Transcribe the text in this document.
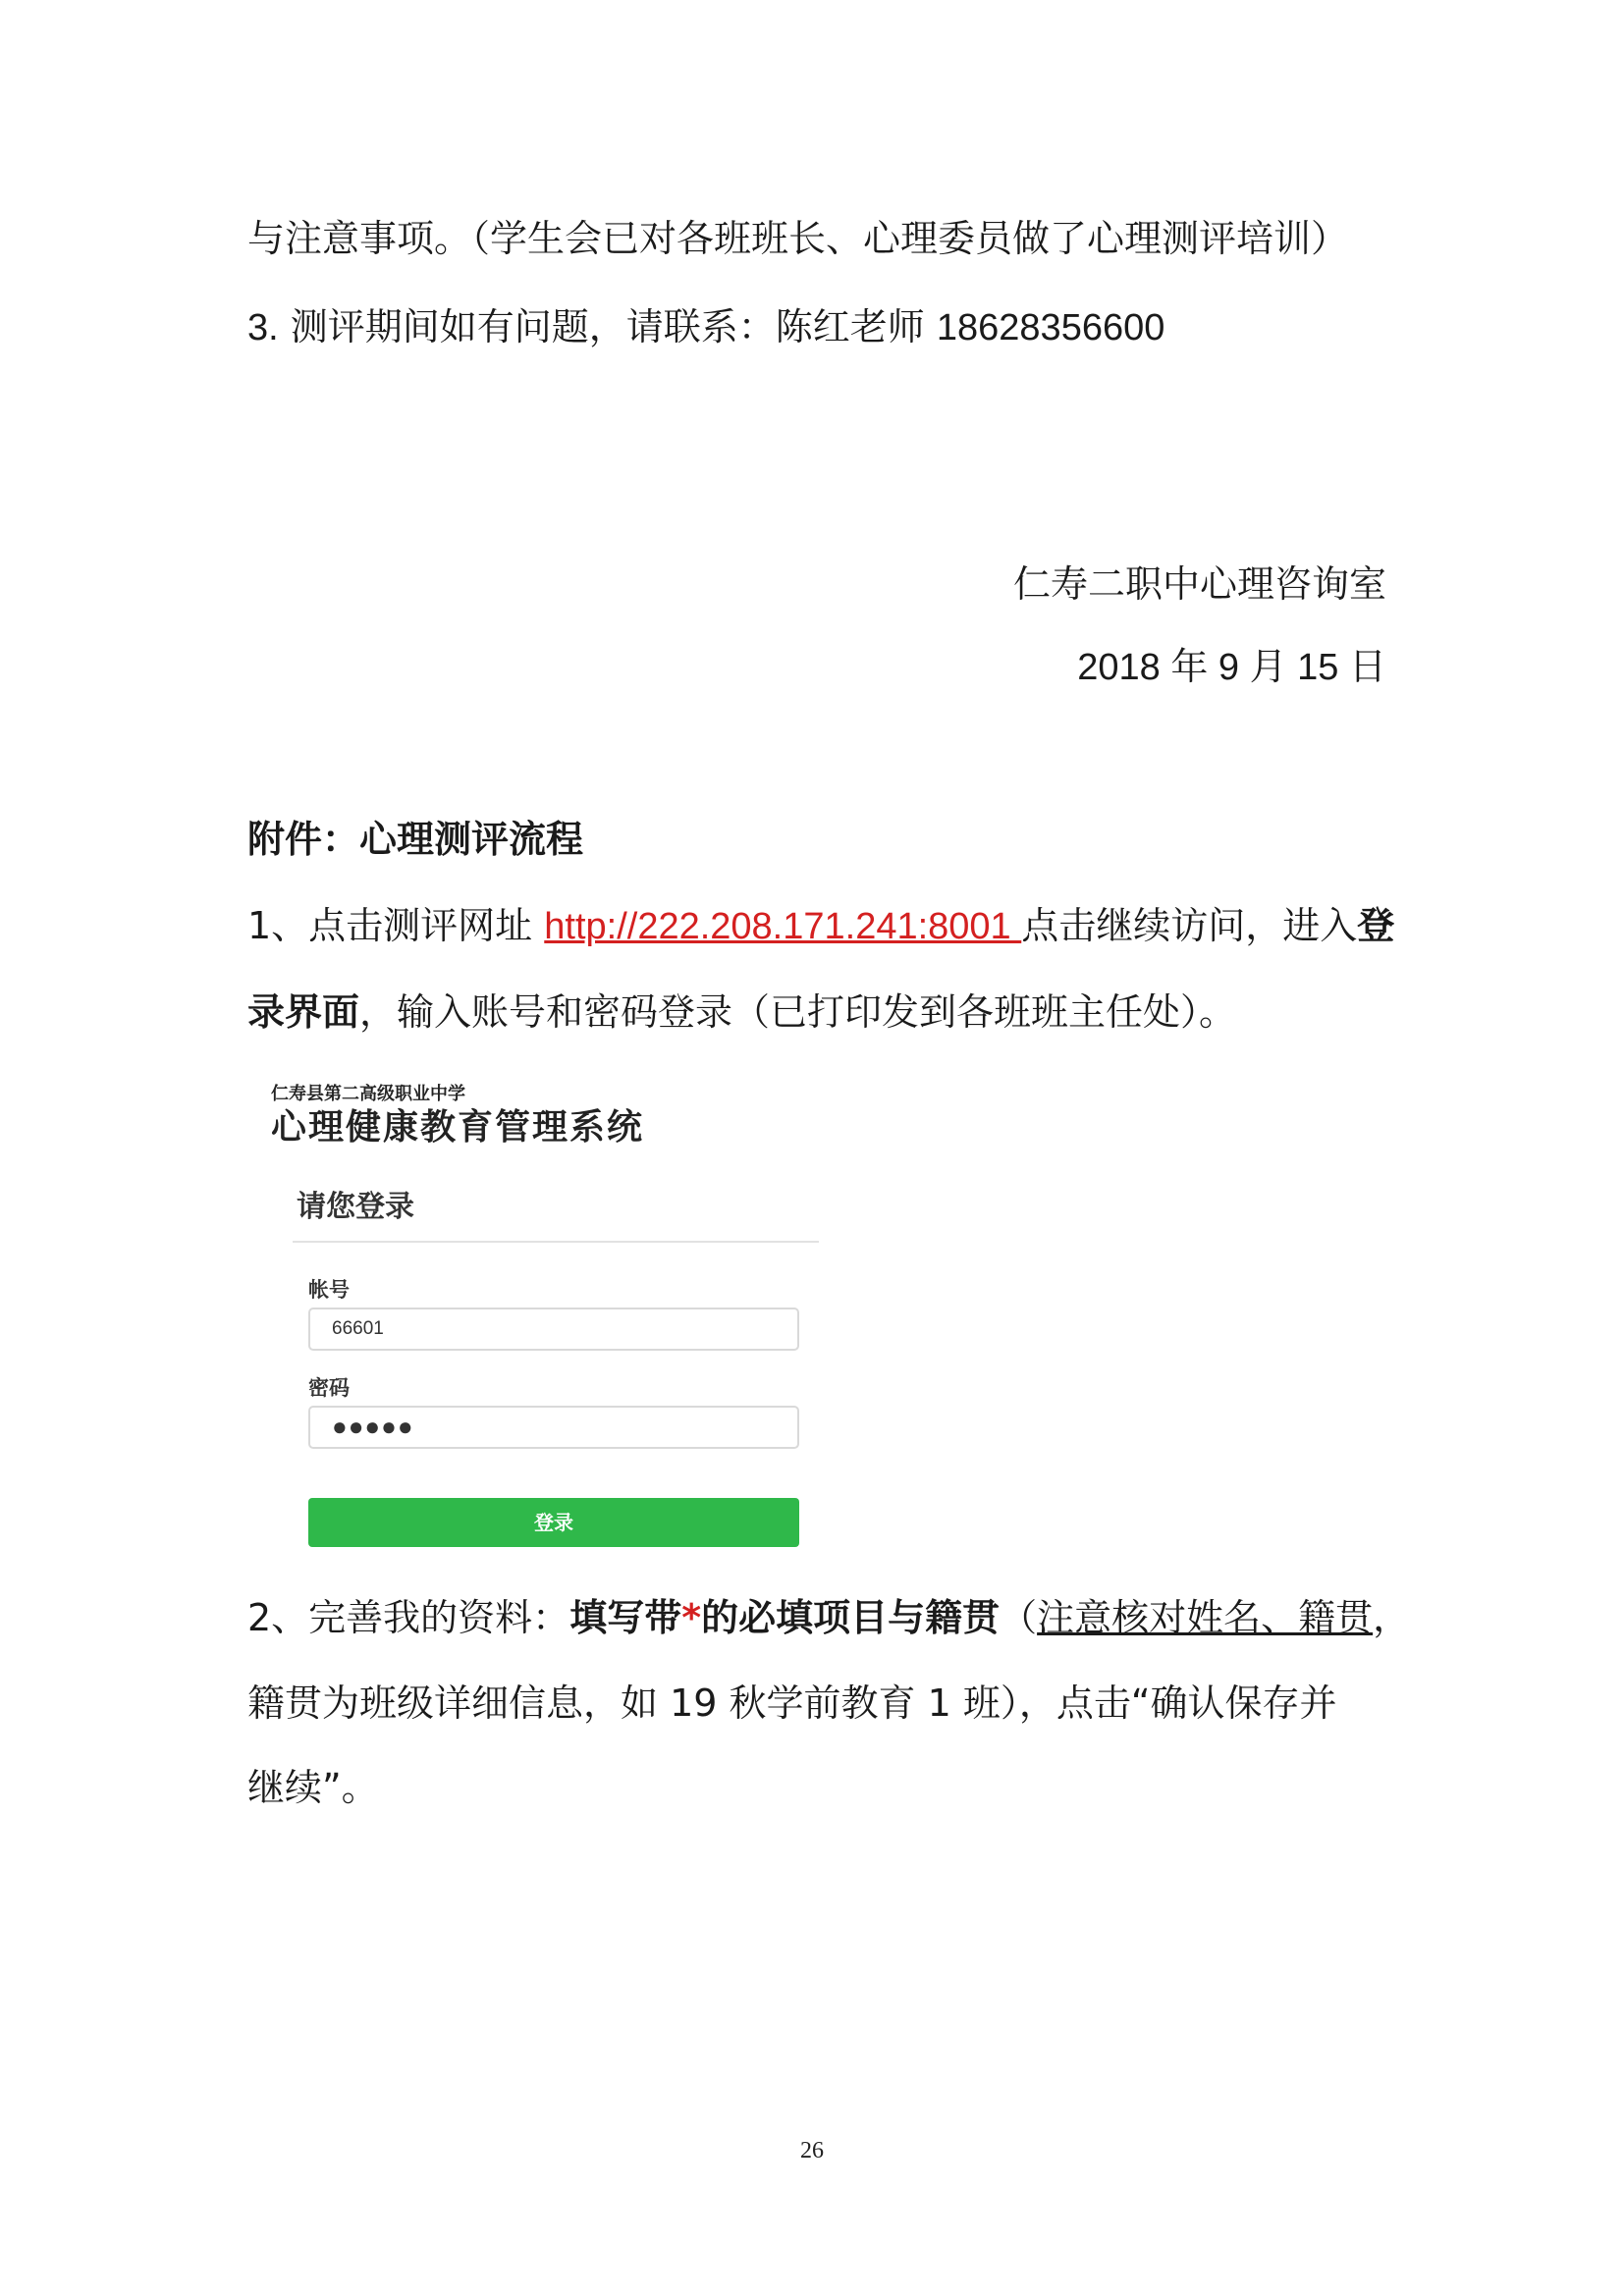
与注意事项。（学生会已对各班班长、心理委员做了心理测评培训）
3. 测评期间如有问题，请联系：陈红老师 18628356600
仁寿二职中心理咨询室
2018 年 9 月 15 日
附件：心理测评流程
1、点击测评网址 http://222.208.171.241:8001 点击继续访问，进入登
录界面，输入账号和密码登录（已打印发到各班班主任处）。
仁寿县第二高级职业中学
心理健康教育管理系统
请您登录
帐号
66601
密码
●●●●●
登录
2、完善我的资料：填写带*的必填项目与籍贯（注意核对姓名、籍贯，
籍贯为班级详细信息，如 19 秋学前教育 1 班），点击“确认保存并
继续”。
26
